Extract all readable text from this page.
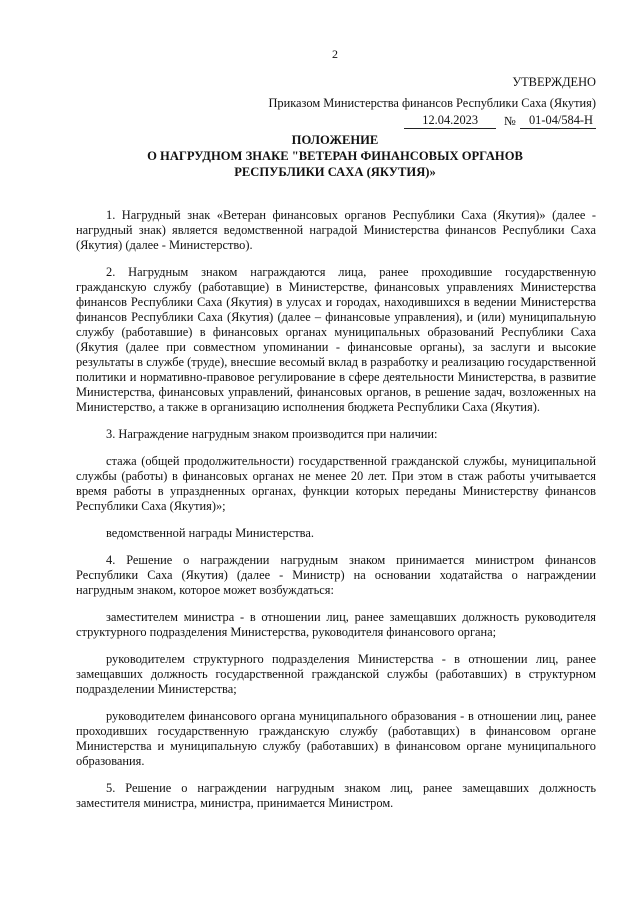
2
УТВЕРЖДЕНО
Приказом Министерства финансов Республики Саха (Якутия)
12.04.2023	№	01-04/584-Н
ПОЛОЖЕНИЕ
О НАГРУДНОМ ЗНАКЕ "ВЕТЕРАН ФИНАНСОВЫХ ОРГАНОВ
РЕСПУБЛИКИ САХА (ЯКУТИЯ)»

1. Нагрудный знак «Ветеран финансовых органов Республики Саха (Якутия)» (далее - нагрудный знак) является ведомственной наградой Министерства финансов Республики Саха (Якутия) (далее - Министерство).

2. Нагрудным знаком награждаются лица, ранее проходившие государственную гражданскую службу (работавщие) в Министерстве, финансовых управлениях Министерства финансов Республики Саха (Якутия) в улусах и городах, находившихся в ведении Министерства финансов Республики Саха (Якутия) (далее – финансовые управления), и (или) муниципальную службу (работавшие) в финансовых органах муниципальных образований Республики Саха (Якутия (далее при совместном упоминании - финансовые органы), за заслуги и высокие результаты в службе (труде), внесшие весомый вклад в разработку и реализацию государственной политики и нормативно-правовое регулирование в сфере деятельности Министерства, в развитие Министерства, финансовых управлений, финансовых органов, в решение задач, возложенных на Министерство, а также в организацию исполнения бюджета Республики Саха (Якутия).

3. Награждение нагрудным знаком производится при наличии:

стажа (общей продолжительности) государственной гражданской службы, муниципальной службы (работы) в финансовых органах не менее 20 лет. При этом в стаж работы учитывается время работы в упраздненных органах, функции которых переданы Министерству финансов Республики Саха (Якутия)»;

ведомственной награды Министерства.

4. Решение о награждении нагрудным знаком принимается министром финансов Республики Саха (Якутия) (далее - Министр) на основании ходатайства о награждении нагрудным знаком, которое может возбуждаться:

заместителем министра - в отношении лиц, ранее замещавших должность руководителя структурного подразделения Министерства, руководителя финансового органа;

руководителем структурного подразделения Министерства - в отношении лиц, ранее замещавших должность государственной гражданской службы (работавших) в структурном подразделении Министерства;

руководителем финансового органа муниципального образования - в отношении лиц, ранее проходивших государственную гражданскую службу (работавщих) в финансовом органе Министерства и муниципальную службу (работавших) в финансовом органе муниципального образования.

5. Решение о награждении нагрудным знаком лиц, ранее замещавших должность заместителя министра, министра, принимается Министром.
